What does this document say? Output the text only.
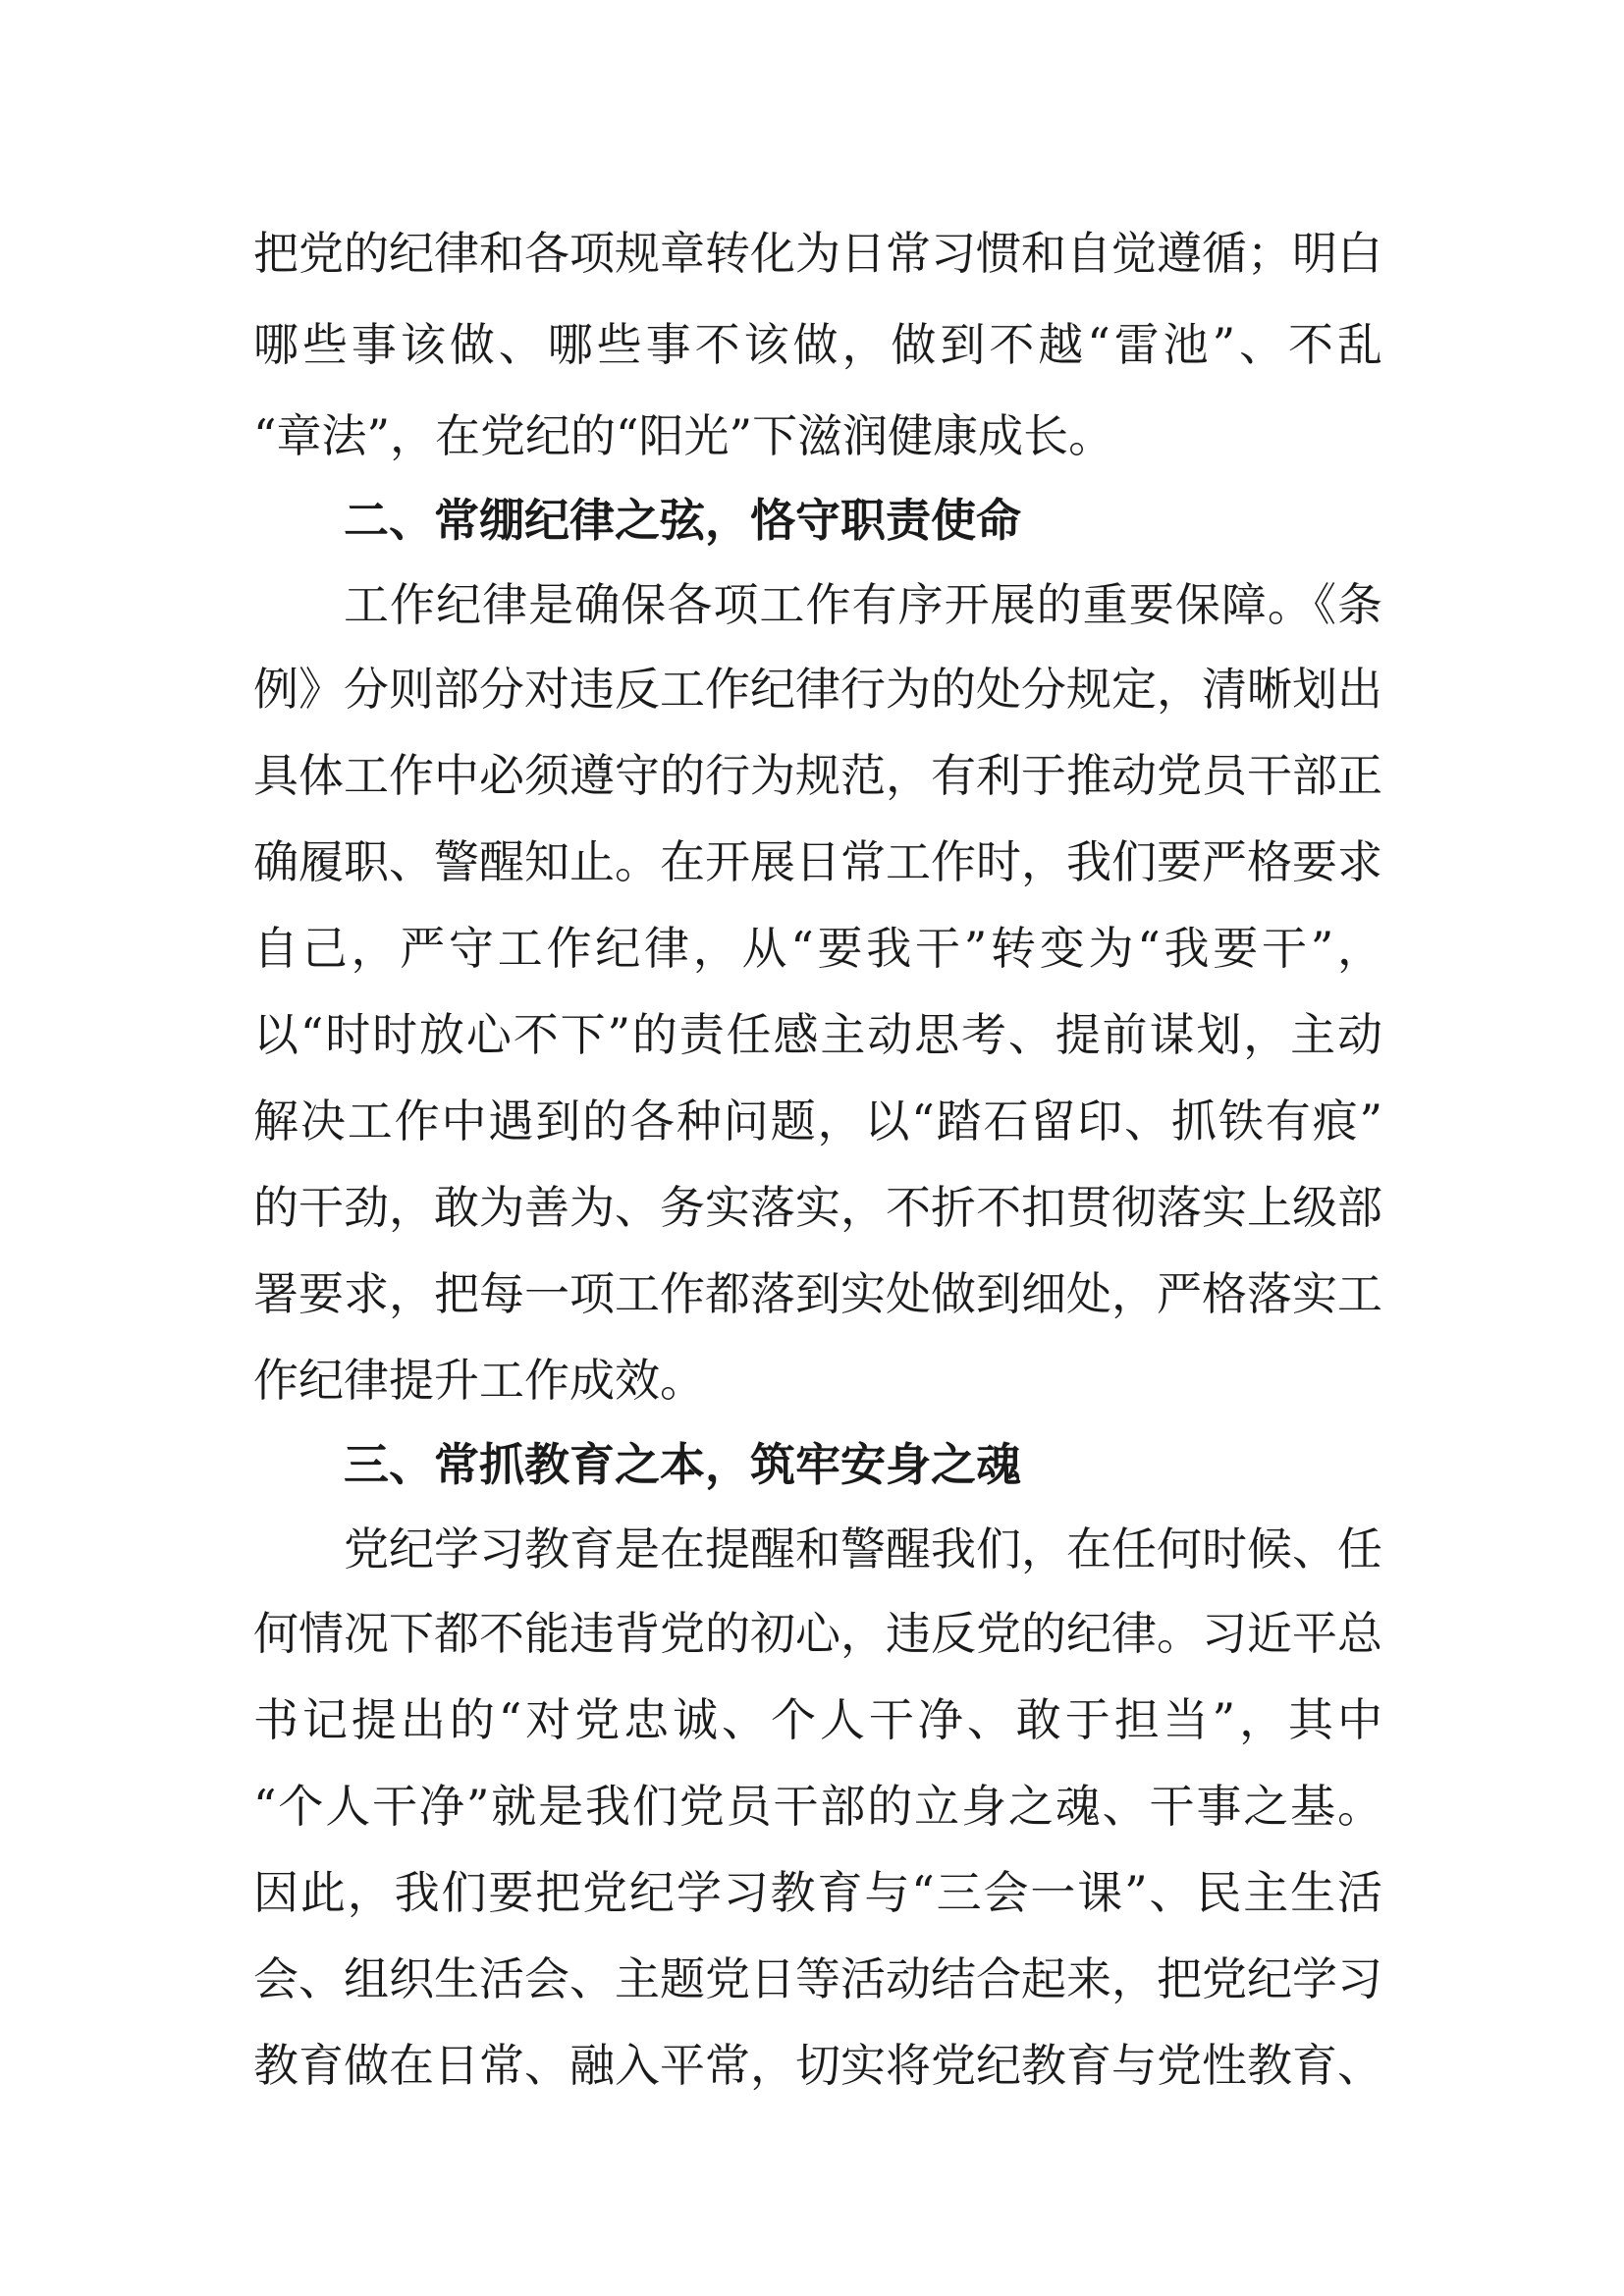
把党的纪律和各项规章转化为日常习惯和自觉遵循；明白
哪些事该做、哪些事不该做，做到不越“雷池”、不乱
“章法”，在党纪的“阳光”下滋润健康成长。
二、常绷纪律之弦，恪守职责使命
工作纪律是确保各项工作有序开展的重要保障。《条
例》分则部分对违反工作纪律行为的处分规定，清晰划出
具体工作中必须遵守的行为规范，有利于推动党员干部正
确履职、警醒知止。在开展日常工作时，我们要严格要求
自己，严守工作纪律，从“要我干”转变为“我要干”，
以“时时放心不下”的责任感主动思考、提前谋划，主动
解决工作中遇到的各种问题，以“踏石留印、抓铁有痕”
的干劲，敢为善为、务实落实，不折不扣贯彻落实上级部
署要求，把每一项工作都落到实处做到细处，严格落实工
作纪律提升工作成效。
三、常抓教育之本，筑牢安身之魂
党纪学习教育是在提醒和警醒我们，在任何时候、任
何情况下都不能违背党的初心，违反党的纪律。习近平总
书记提出的“对党忠诚、个人干净、敢于担当”，其中
“个人干净”就是我们党员干部的立身之魂、干事之基。
因此，我们要把党纪学习教育与“三会一课”、民主生活
会、组织生活会、主题党日等活动结合起来，把党纪学习
教育做在日常、融入平常，切实将党纪教育与党性教育、
